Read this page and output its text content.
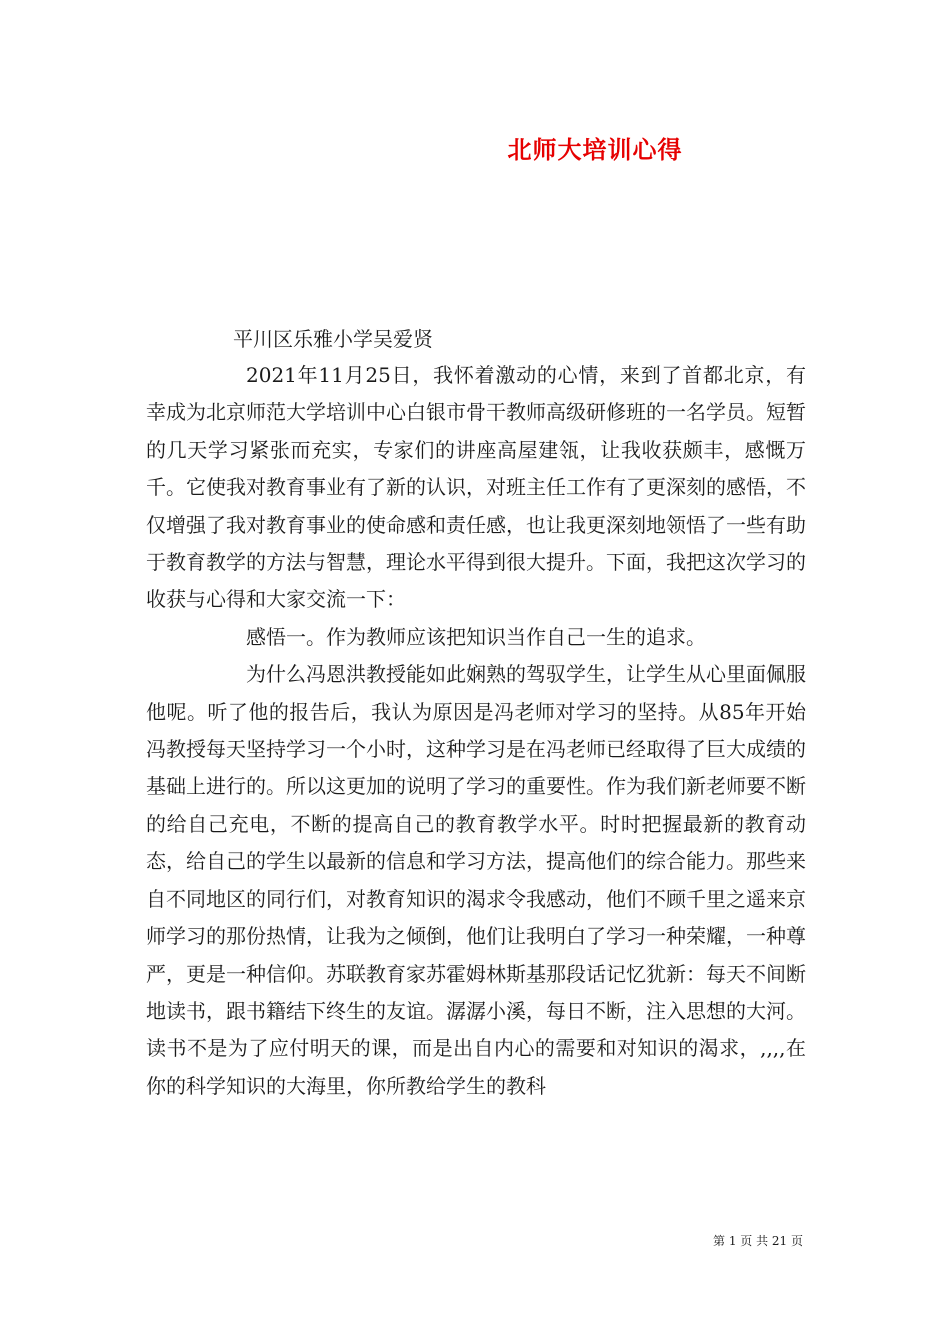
北师大培训心得
平川区乐雅小学吴爱贤

2021年11月25日，我怀着激动的心情，来到了首都北京，有幸成为北京师范大学培训中心白银市骨干教师高级研修班的一名学员。短暂的几天学习紧张而充实，专家们的讲座高屋建瓴，让我收获颇丰，感慨万千。它使我对教育事业有了新的认识，对班主任工作有了更深刻的感悟，不仅增强了我对教育事业的使命感和责任感，也让我更深刻地领悟了一些有助于教育教学的方法与智慧，理论水平得到很大提升。下面，我把这次学习的收获与心得和大家交流一下：

感悟一。作为教师应该把知识当作自己一生的追求。

为什么冯恩洪教授能如此娴熟的驾驭学生，让学生从心里面佩服他呢。听了他的报告后，我认为原因是冯老师对学习的坚持。从85年开始冯教授每天坚持学习一个小时，这种学习是在冯老师已经取得了巨大成绩的基础上进行的。所以这更加的说明了学习的重要性。作为我们新老师要不断的给自己充电，不断的提高自己的教育教学水平。时时把握最新的教育动态，给自己的学生以最新的信息和学习方法，提高他们的综合能力。那些来自不同地区的同行们，对教育知识的渴求令我感动，他们不顾千里之遥来京师学习的那份热情，让我为之倾倒，他们让我明白了学习一种荣耀，一种尊严，更是一种信仰。苏联教育家苏霍姆林斯基那段话记忆犹新：每天不间断地读书，跟书籍结下终生的友谊。潺潺小溪，每日不断，注入思想的大河。读书不是为了应付明天的课，而是出自内心的需要和对知识的渴求，,,,,在你的科学知识的大海里，你所教给学生的教科

第 1 页 共 21 页
